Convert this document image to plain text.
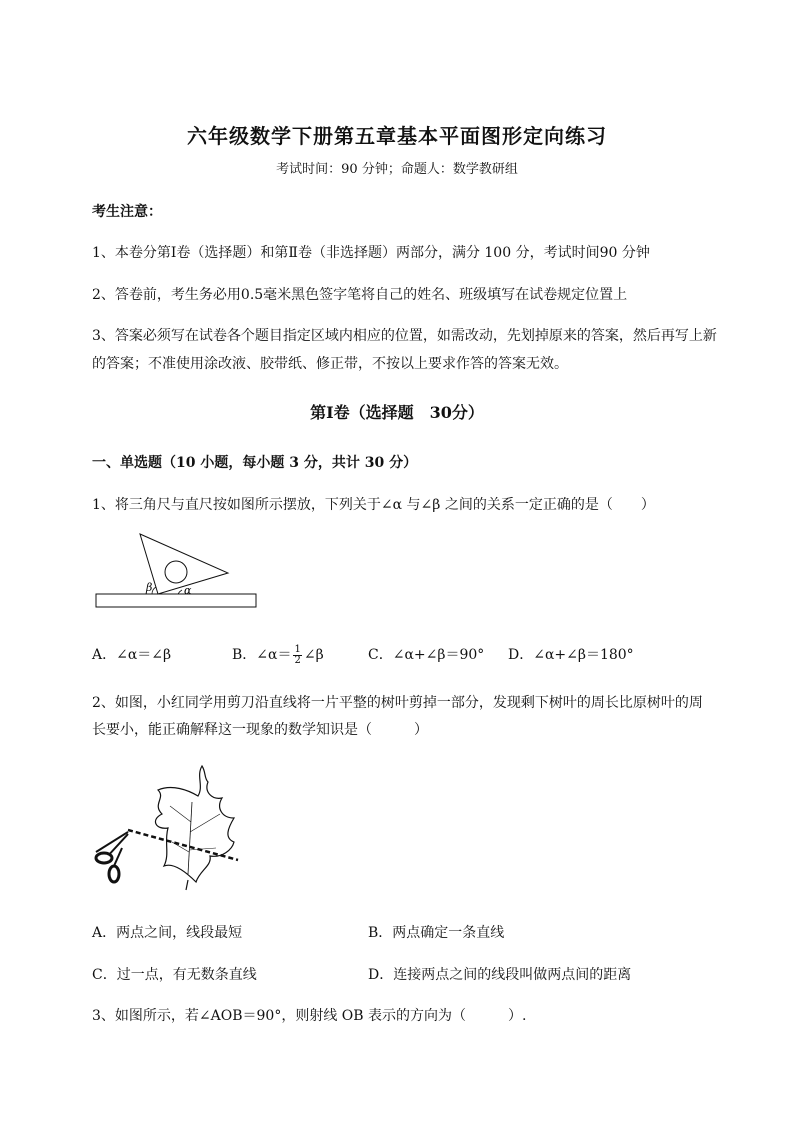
六年级数学下册第五章基本平面图形定向练习
考试时间：90 分钟；命题人：数学教研组
考生注意：
1、本卷分第Ⅰ卷（选择题）和第Ⅱ卷（非选择题）两部分，满分 100 分，考试时间90 分钟
2、答卷前，考生务必用0.5毫米黑色签字笔将自己的姓名、班级填写在试卷规定位置上
3、答案必须写在试卷各个题目指定区域内相应的位置，如需改动，先划掉原来的答案，然后再写上新
的答案；不准使用涂改液、胶带纸、修正带，不按以上要求作答的答案无效。
第Ⅰ卷（选择题　30分）
一、单选题（10 小题，每小题 3 分，共计 30 分）
1、将三角尺与直尺按如图所示摆放，下列关于∠α 与∠β 之间的关系一定正确的是（　　）
β	α
A．∠α＝∠β	B．∠α＝ $\frac{1}{2}$ ∠β	C．∠α+∠β＝90° D．∠α+∠β＝180°
2、如图，小红同学用剪刀沿直线将一片平整的树叶剪掉一部分，发现剩下树叶的周长比原树叶的周
长要小，能正确解释这一现象的数学知识是（　　　）
A．两点之间，线段最短	B．两点确定一条直线
C．过一点，有无数条直线	D．连接两点之间的线段叫做两点间的距离
3、如图所示，若∠AOB＝90°，则射线 OB 表示的方向为（　　　）.
